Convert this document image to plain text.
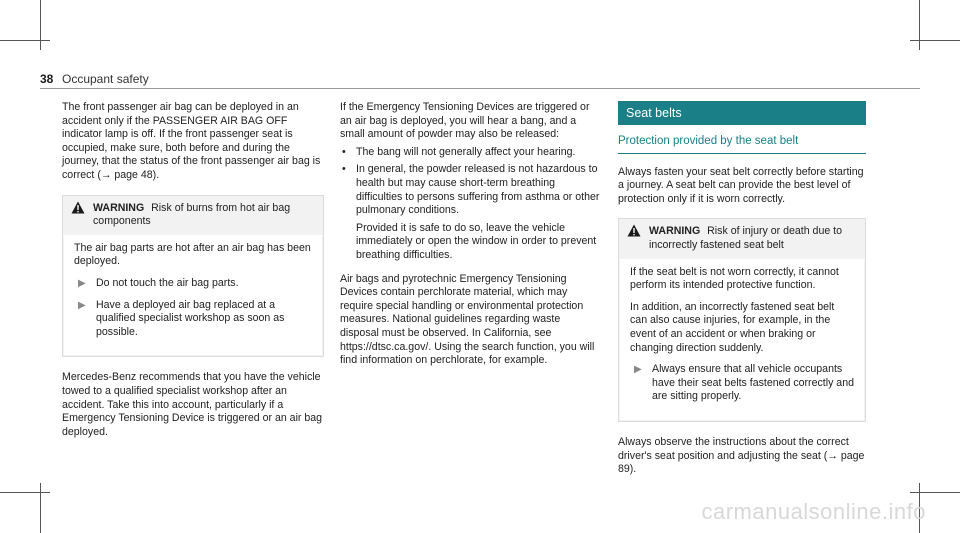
38 Occupant safety

The front passenger air bag can be deployed in an accident only if the PASSENGER AIR BAG OFF indicator lamp is off. If the front passenger seat is occupied, make sure, both before and during the journey, that the status of the front passenger air bag is correct (→ page 48).

WARNING Risk of burns from hot air bag components

The air bag parts are hot after an air bag has been deployed.

▶ Do not touch the air bag parts.
▶ Have a deployed air bag replaced at a qualified specialist workshop as soon as possible.

Mercedes-Benz recommends that you have the vehicle towed to a qualified specialist workshop after an accident. Take this into account, particularly if a Emergency Tensioning Device is triggered or an air bag deployed.

If the Emergency Tensioning Devices are triggered or an air bag is deployed, you will hear a bang, and a small amount of powder may also be released:

• The bang will not generally affect your hearing.
• In general, the powder released is not hazardous to health but may cause short-term breathing difficulties to persons suffering from asthma or other pulmonary conditions.
Provided it is safe to do so, leave the vehicle immediately or open the window in order to prevent breathing difficulties.

Air bags and pyrotechnic Emergency Tensioning Devices contain perchlorate material, which may require special handling or environmental protection measures. National guidelines regarding waste disposal must be observed. In California, see https://dtsc.ca.gov/. Using the search function, you will find information on perchlorate, for example.

Seat belts
Protection provided by the seat belt

Always fasten your seat belt correctly before starting a journey. A seat belt can provide the best level of protection only if it is worn correctly.

WARNING Risk of injury or death due to incorrectly fastened seat belt

If the seat belt is not worn correctly, it cannot perform its intended protective function.

In addition, an incorrectly fastened seat belt can also cause injuries, for example, in the event of an accident or when braking or changing direction suddenly.

▶ Always ensure that all vehicle occupants have their seat belts fastened correctly and are sitting properly.

Always observe the instructions about the correct driver's seat position and adjusting the seat (→ page 89).

carmanualsonline.info
